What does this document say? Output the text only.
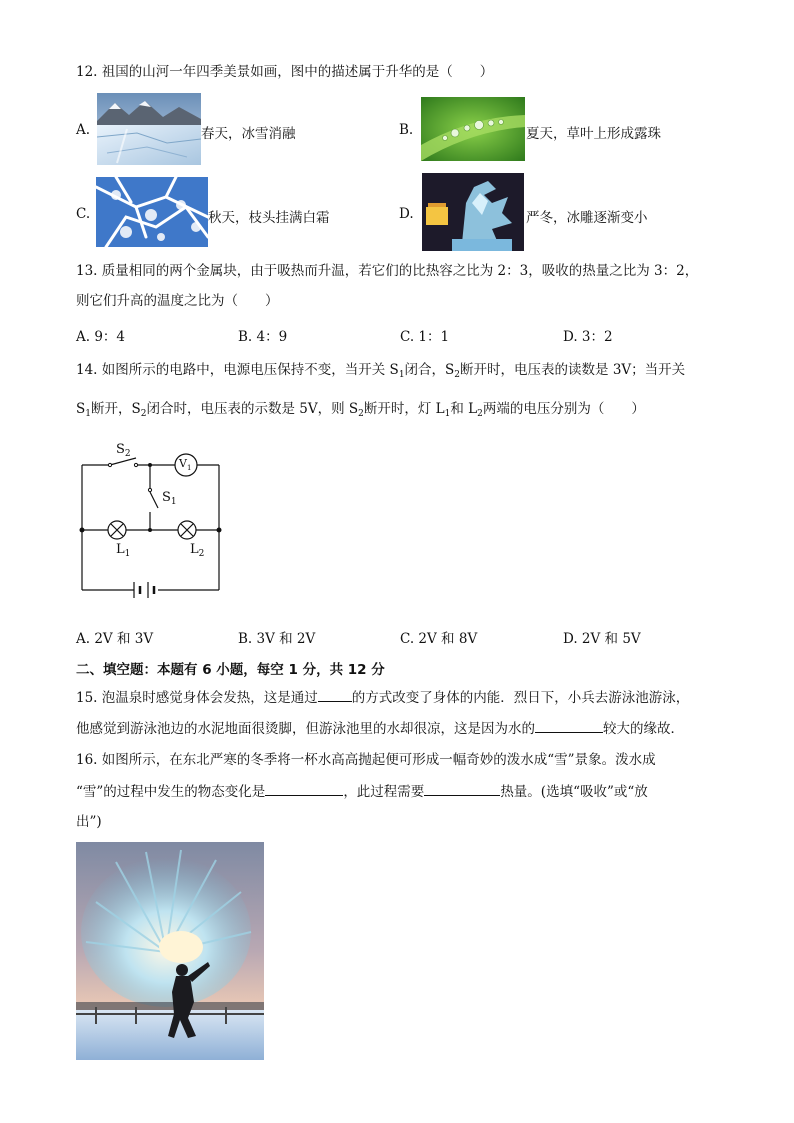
12. 祖国的山河一年四季美景如画，图中的描述属于升华的是（　　）
A.	春天，冰雪消融	B.	夏天，草叶上形成露珠
C.	秋天，枝头挂满白霜	D.	严冬，冰雕逐渐变小
13. 质量相同的两个金属块，由于吸热而升温，若它们的比热容之比为 2：3，吸收的热量之比为 3：2，
则它们升高的温度之比为（　　）
A. 9：4	B. 4：9	C. 1：1	D. 3：2
14. 如图所示的电路中，电源电压保持不变，当开关 $S_1$闭合，$S_2$断开时，电压表的读数是 3V；当开关
$S_1$断开，$S_2$闭合时，电压表的示数是 5V，则 $S_2$断开时，灯 $L_1$和 $L_2$两端的电压分别为（　　）
$S_2$
$V_1$
$S_1$
$L_1$	$L_2$
A. 2V 和 3V	B. 3V 和 2V	C. 2V 和 8V	D. 2V 和 5V
二、填空题：本题有 6 小题，每空 1 分，共 12 分
15. 泡温泉时感觉身体会发热，这是通过	的方式改变了身体的内能．烈日下，小兵去游泳池游泳，
他感觉到游泳池边的水泥地面很烫脚，但游泳池里的水却很凉，这是因为水的	较大的缘故．
16. 如图所示，在东北严寒的冬季将一杯水高高抛起便可形成一幅奇妙的泼水成“雪”景象。泼水成
“雪”的过程中发生的物态变化是	，此过程需要	热量。(选填“吸收”或“放
出”)
